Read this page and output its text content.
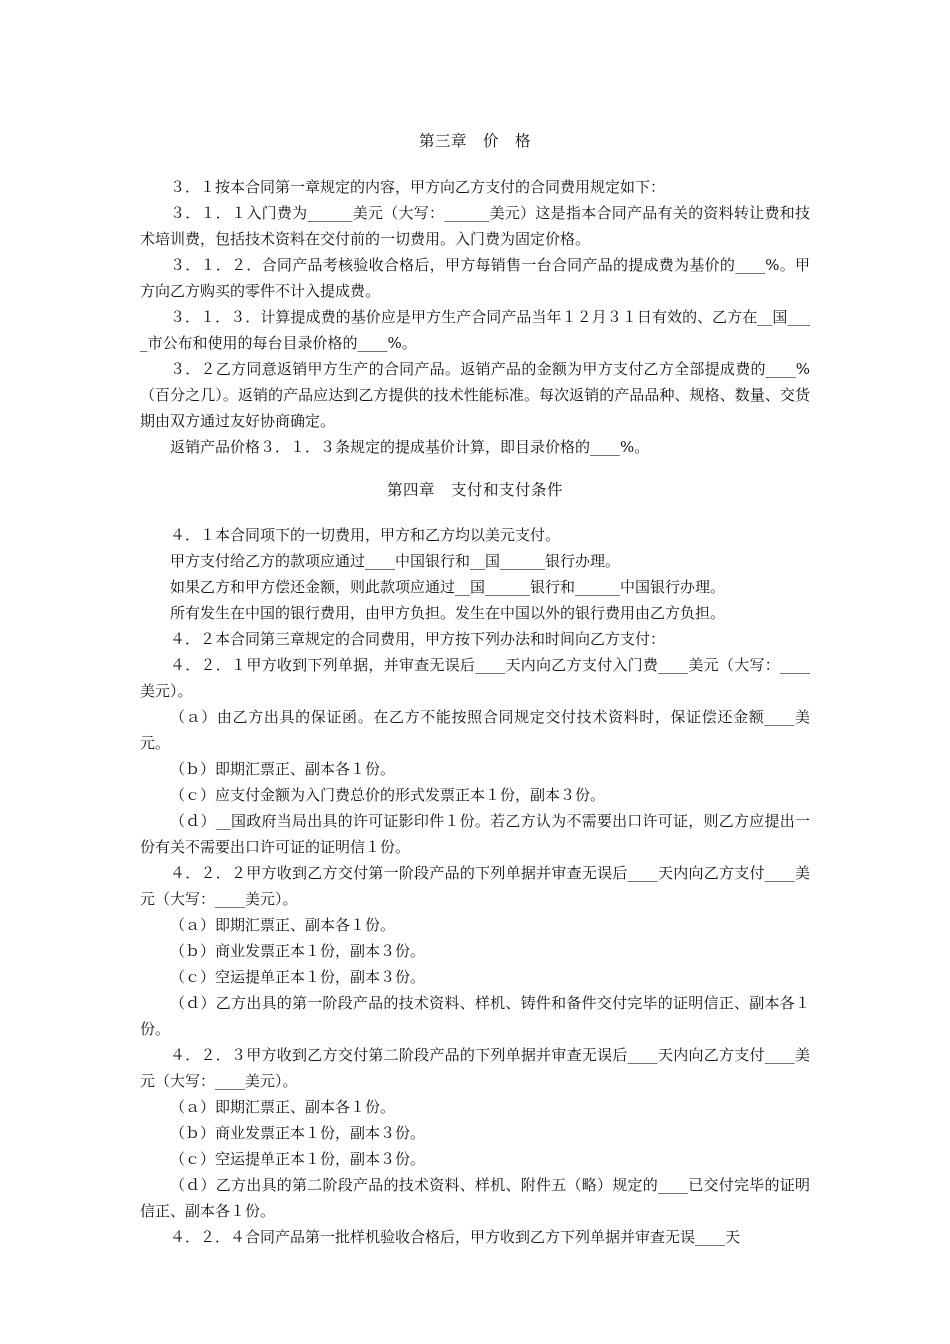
第三章　价　格

３．１按本合同第一章规定的内容，甲方向乙方支付的合同费用规定如下：

３．１．１入门费为______美元（大写：______美元）这是指本合同产品有关的资料转让费和技术培训费，包括技术资料在交付前的一切费用。入门费为固定价格。

３．１．２．合同产品考核验收合格后，甲方每销售一台合同产品的提成费为基价的____%。甲方向乙方购买的零件不计入提成费。

３．１．３．计算提成费的基价应是甲方生产合同产品当年１２月３１日有效的、乙方在__国____市公布和使用的每台目录价格的____%。

３．２乙方同意返销甲方生产的合同产品。返销产品的金额为甲方支付乙方全部提成费的____%（百分之几）。返销的产品应达到乙方提供的技术性能标准。每次返销的产品品种、规格、数量、交货期由双方通过友好协商确定。

返销产品价格３．１．３条规定的提成基价计算，即目录价格的____%。

第四章　支付和支付条件

４．１本合同项下的一切费用，甲方和乙方均以美元支付。

甲方支付给乙方的款项应通过____中国银行和__国______银行办理。

如果乙方和甲方偿还金额，则此款项应通过__国______银行和______中国银行办理。

所有发生在中国的银行费用，由甲方负担。发生在中国以外的银行费用由乙方负担。

４．２本合同第三章规定的合同费用，甲方按下列办法和时间向乙方支付：

４．２．１甲方收到下列单据，并审查无误后____天内向乙方支付入门费____美元（大写：____美元）。

（ａ）由乙方出具的保证函。在乙方不能按照合同规定交付技术资料时，保证偿还金额____美元。

（ｂ）即期汇票正、副本各１份。

（ｃ）应支付金额为入门费总价的形式发票正本１份，副本３份。

（ｄ）__国政府当局出具的许可证影印件１份。若乙方认为不需要出口许可证，则乙方应提出一份有关不需要出口许可证的证明信１份。

４．２．２甲方收到乙方交付第一阶段产品的下列单据并审查无误后____天内向乙方支付____美元（大写：____美元）。

（ａ）即期汇票正、副本各１份。

（ｂ）商业发票正本１份，副本３份。

（ｃ）空运提单正本１份，副本３份。

（ｄ）乙方出具的第一阶段产品的技术资料、样机、铸件和备件交付完毕的证明信正、副本各１份。

４．２．３甲方收到乙方交付第二阶段产品的下列单据并审查无误后____天内向乙方支付____美元（大写：____美元）。

（ａ）即期汇票正、副本各１份。

（ｂ）商业发票正本１份，副本３份。

（ｃ）空运提单正本１份，副本３份。

（ｄ）乙方出具的第二阶段产品的技术资料、样机、附件五（略）规定的____已交付完毕的证明信正、副本各１份。

４．２．４合同产品第一批样机验收合格后，甲方收到乙方下列单据并审查无误____天
